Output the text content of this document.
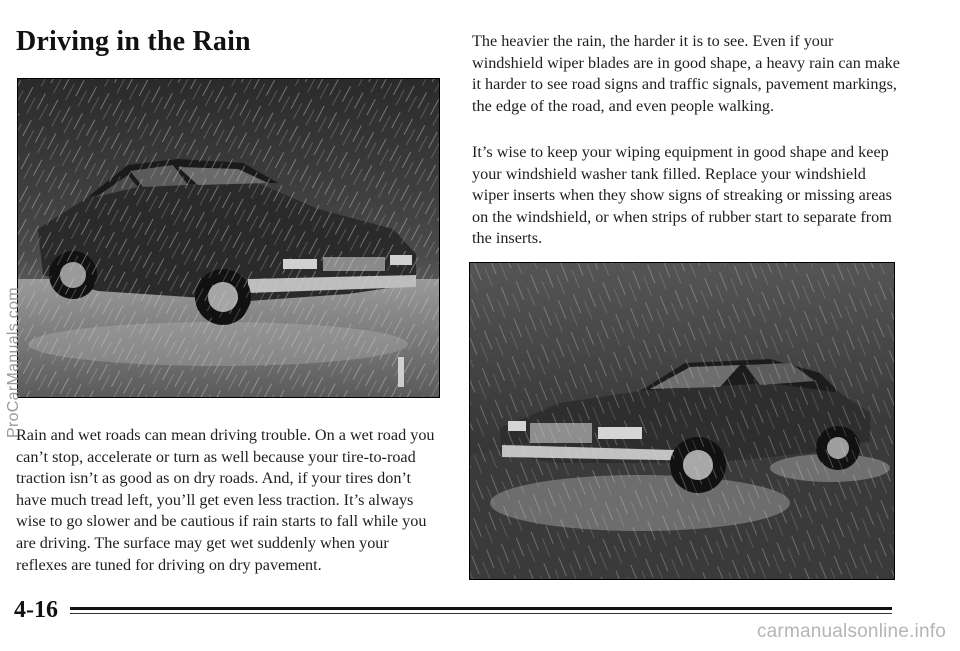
Driving in the Rain

Rain and wet roads can mean driving trouble. On a wet road you can’t stop, accelerate or turn as well because your tire-to-road traction isn’t as good as on dry roads. And, if your tires don’t have much tread left, you’ll get even less traction. It’s always wise to go slower and be cautious if rain starts to fall while you are driving. The surface may get wet suddenly when your reflexes are tuned for driving on dry pavement.

The heavier the rain, the harder it is to see. Even if your windshield wiper blades are in good shape, a heavy rain can make it harder to see road signs and traffic signals, pavement markings, the edge of the road, and even people walking.

It’s wise to keep your wiping equipment in good shape and keep your windshield washer tank filled. Replace your windshield wiper inserts when they show signs of streaking or missing areas on the windshield, or when strips of rubber start to separate from the inserts.

ProCarManuals.com
4-16
carmanualsonline.info
